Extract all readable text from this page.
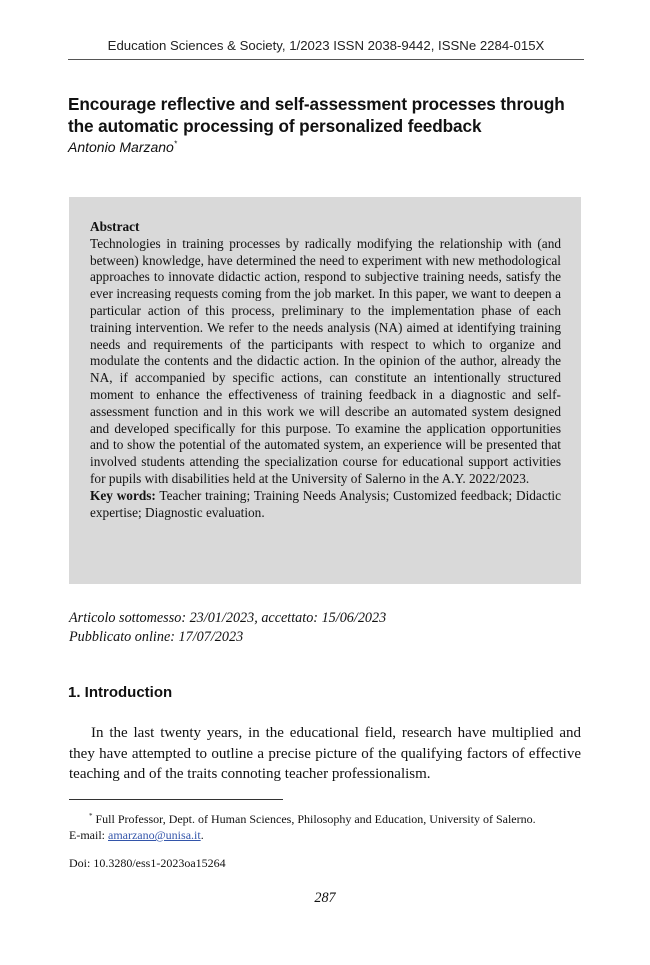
Education Sciences & Society, 1/2023 ISSN 2038-9442, ISSNe 2284-015X
Encourage reflective and self-assessment processes through the automatic processing of personalized feedback
Antonio Marzano*
Abstract

Technologies in training processes by radically modifying the relationship with (and between) knowledge, have determined the need to experiment with new methodological approaches to innovate didactic action, respond to subjective training needs, satisfy the ever increasing requests coming from the job market. In this paper, we want to deepen a particular action of this process, preliminary to the implementation phase of each training intervention. We refer to the needs analysis (NA) aimed at identifying training needs and requirements of the participants with respect to which to organize and modulate the contents and the didactic action. In the opinion of the author, already the NA, if accompanied by specific actions, can constitute an intentionally structured moment to enhance the effectiveness of training feedback in a diagnostic and self-assessment function and in this work we will describe an automated system designed and developed specifically for this purpose. To examine the application opportunities and to show the potential of the automated system, an experience will be presented that involved students attending the specialization course for educational support activities for pupils with disabilities held at the University of Salerno in the A.Y. 2022/2023.

Key words: Teacher training; Training Needs Analysis; Customized feedback; Didactic expertise; Diagnostic evaluation.

Articolo sottomesso: 23/01/2023, accettato: 15/06/2023
Pubblicato online: 17/07/2023
1. Introduction

In the last twenty years, in the educational field, research have multiplied and they have attempted to outline a precise picture of the qualifying factors of effective teaching and of the traits connoting teacher professionalism.

* Full Professor, Dept. of Human Sciences, Philosophy and Education, University of Salerno.
E-mail: amarzano@unisa.it.
Doi: 10.3280/ess1-2023oa15264
287
